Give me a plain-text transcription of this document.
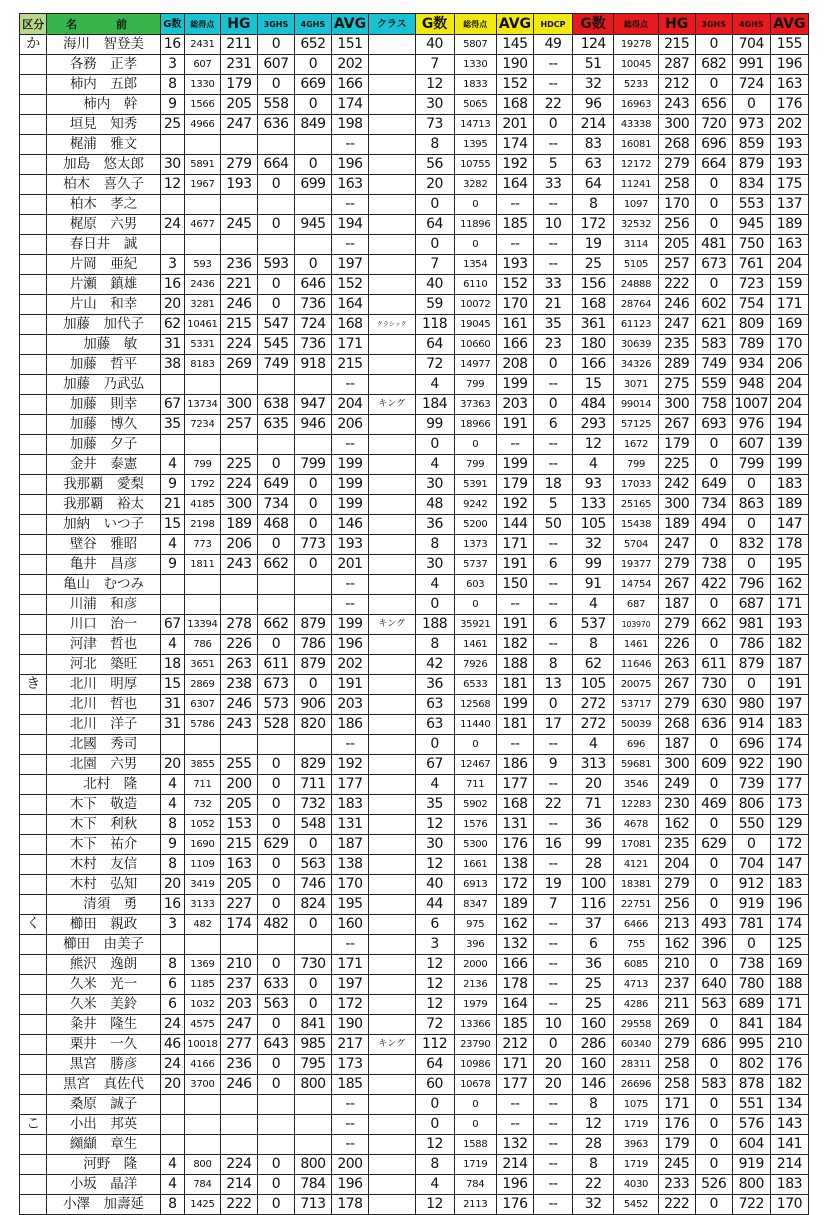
区分	名　前	G数	総得点	HG	3GHS	4GHS	AVG	クラス	G数	総得点	AVG	HDCP	G数	総得点	HG	3GHS	4GHS	AVG
か	海川　智登美	16	2431	211	0	652	151		40	5807	145	49	124	19278	215	0	704	155
	各務　正孝	3	607	231	607	0	202		7	1330	190	--	51	10045	287	682	991	196
	柿内　五郎	8	1330	179	0	669	166		12	1833	152	--	32	5233	212	0	724	163
	　柿内　幹	9	1566	205	558	0	174		30	5065	168	22	96	16963	243	656	0	176
	垣見　知秀	25	4966	247	636	849	198		73	14713	201	0	214	43338	300	720	973	202
	梶浦　雅文						--		8	1395	174	--	83	16081	268	696	859	193
	加島　悠太郎	30	5891	279	664	0	196		56	10755	192	5	63	12172	279	664	879	193
	柏木　喜久子	12	1967	193	0	699	163		20	3282	164	33	64	11241	258	0	834	175
	柏木　孝之						--		0	0	--	--	8	1097	170	0	553	137
	梶原　六男	24	4677	245	0	945	194		64	11896	185	10	172	32532	256	0	945	189
	春日井　誠						--		0	0	--	--	19	3114	205	481	750	163
	片岡　亜紀	3	593	236	593	0	197		7	1354	193	--	25	5105	257	673	761	204
	片瀬　鎮雄	16	2436	221	0	646	152		40	6110	152	33	156	24888	222	0	723	159
	片山　和幸	20	3281	246	0	736	164		59	10072	170	21	168	28764	246	602	754	171
	加藤　加代子	62	10461	215	547	724	168	クラシック	118	19045	161	35	361	61123	247	621	809	169
	　加藤　敏	31	5331	224	545	736	171		64	10660	166	23	180	30639	235	583	789	170
	加藤　哲平	38	8183	269	749	918	215		72	14977	208	0	166	34326	289	749	934	206
	加藤　乃武弘						--		4	799	199	--	15	3071	275	559	948	204
	加藤　則幸	67	13734	300	638	947	204	キング	184	37363	203	0	484	99014	300	758	1007	204
	加藤　博久	35	7234	257	635	946	206		99	18966	191	6	293	57125	267	693	976	194
	加藤　夕子						--		0	0	--	--	12	1672	179	0	607	139
	金井　泰憲	4	799	225	0	799	199		4	799	199	--	4	799	225	0	799	199
	我那覇　愛梨	9	1792	224	649	0	199		30	5391	179	18	93	17033	242	649	0	183
	我那覇　裕太	21	4185	300	734	0	199		48	9242	192	5	133	25165	300	734	863	189
	加納　いつ子	15	2198	189	468	0	146		36	5200	144	50	105	15438	189	494	0	147
	壁谷　雅昭	4	773	206	0	773	193		8	1373	171	--	32	5704	247	0	832	178
	亀井　昌彦	9	1811	243	662	0	201		30	5737	191	6	99	19377	279	738	0	195
	亀山　むつみ						--		4	603	150	--	91	14754	267	422	796	162
	川浦　和彦						--		0	0	--	--	4	687	187	0	687	171
	川口　治一	67	13394	278	662	879	199	キング	188	35921	191	6	537	103970	279	662	981	193
	河津　哲也	4	786	226	0	786	196		8	1461	182	--	8	1461	226	0	786	182
	河北　築旺	18	3651	263	611	879	202		42	7926	188	8	62	11646	263	611	879	187
き	北川　明厚	15	2869	238	673	0	191		36	6533	181	13	105	20075	267	730	0	191
	北川　哲也	31	6307	246	573	906	203		63	12568	199	0	272	53717	279	630	980	197
	北川　洋子	31	5786	243	528	820	186		63	11440	181	17	272	50039	268	636	914	183
	北國　秀司						--		0	0	--	--	4	696	187	0	696	174
	北園　六男	20	3855	255	0	829	192		67	12467	186	9	313	59681	300	609	922	190
	　北村　隆	4	711	200	0	711	177		4	711	177	--	20	3546	249	0	739	177
	木下　敬造	4	732	205	0	732	183		35	5902	168	22	71	12283	230	469	806	173
	木下　利秋	8	1052	153	0	548	131		12	1576	131	--	36	4678	162	0	550	129
	木下　祐介	9	1690	215	629	0	187		30	5300	176	16	99	17081	235	629	0	172
	木村　友信	8	1109	163	0	563	138		12	1661	138	--	28	4121	204	0	704	147
	木村　弘知	20	3419	205	0	746	170		40	6913	172	19	100	18381	279	0	912	183
	　清須　勇	16	3133	227	0	824	195		44	8347	189	7	116	22751	256	0	919	196
く	櫛田　親政	3	482	174	482	0	160		6	975	162	--	37	6466	213	493	781	174
	櫛田　由美子						--		3	396	132	--	6	755	162	396	0	125
	熊沢　逸朗	8	1369	210	0	730	171		12	2000	166	--	36	6085	210	0	738	169
	久米　光一	6	1185	237	633	0	197		12	2136	178	--	25	4713	237	640	780	188
	久米　美鈴	6	1032	203	563	0	172		12	1979	164	--	25	4286	211	563	689	171
	粂井　隆生	24	4575	247	0	841	190		72	13366	185	10	160	29558	269	0	841	184
	栗井　一久	46	10018	277	643	985	217	キング	112	23790	212	0	286	60340	279	686	995	210
	黒宮　勝彦	24	4166	236	0	795	173		64	10986	171	20	160	28311	258	0	802	176
	黒宮　真佐代	20	3700	246	0	800	185		60	10678	177	20	146	26696	258	583	878	182
	桑原　誠子						--		0	0	--	--	8	1075	171	0	551	134
こ	小出　邦英						--		0	0	--	--	12	1719	176	0	576	143
	纐纈　章生						--		12	1588	132	--	28	3963	179	0	604	141
	　河野　隆	4	800	224	0	800	200		8	1719	214	--	8	1719	245	0	919	214
	小坂　晶洋	4	784	214	0	784	196		4	784	196	--	22	4030	233	526	800	183
	小澤　加壽延	8	1425	222	0	713	178		12	2113	176	--	32	5452	222	0	722	170
